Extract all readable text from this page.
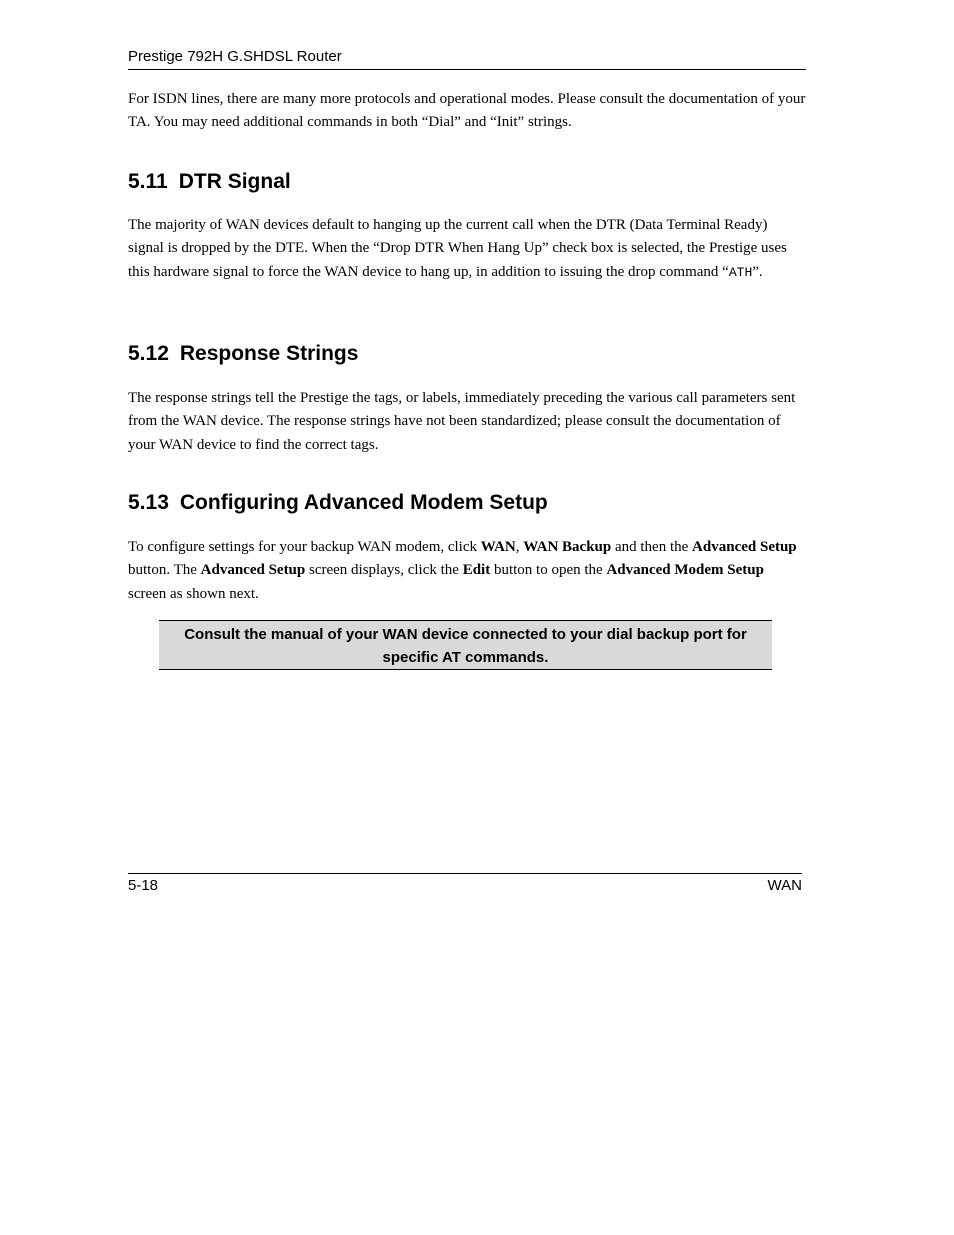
Prestige 792H G.SHDSL Router

For ISDN lines, there are many more protocols and operational modes. Please consult the documentation of your TA. You may need additional commands in both “Dial” and “Init” strings.

5.11 DTR Signal

The majority of WAN devices default to hanging up the current call when the DTR (Data Terminal Ready) signal is dropped by the DTE. When the “Drop DTR When Hang Up” check box is selected, the Prestige uses this hardware signal to force the WAN device to hang up, in addition to issuing the drop command “ATH”.

5.12 Response Strings

The response strings tell the Prestige the tags, or labels, immediately preceding the various call parameters sent from the WAN device. The response strings have not been standardized; please consult the documentation of your WAN device to find the correct tags.

5.13 Configuring Advanced Modem Setup

To configure settings for your backup WAN modem, click WAN, WAN Backup and then the Advanced Setup button. The Advanced Setup screen displays, click the Edit button to open the Advanced Modem Setup screen as shown next.

Consult the manual of your WAN device connected to your dial backup port for specific AT commands.
5-18	WAN
